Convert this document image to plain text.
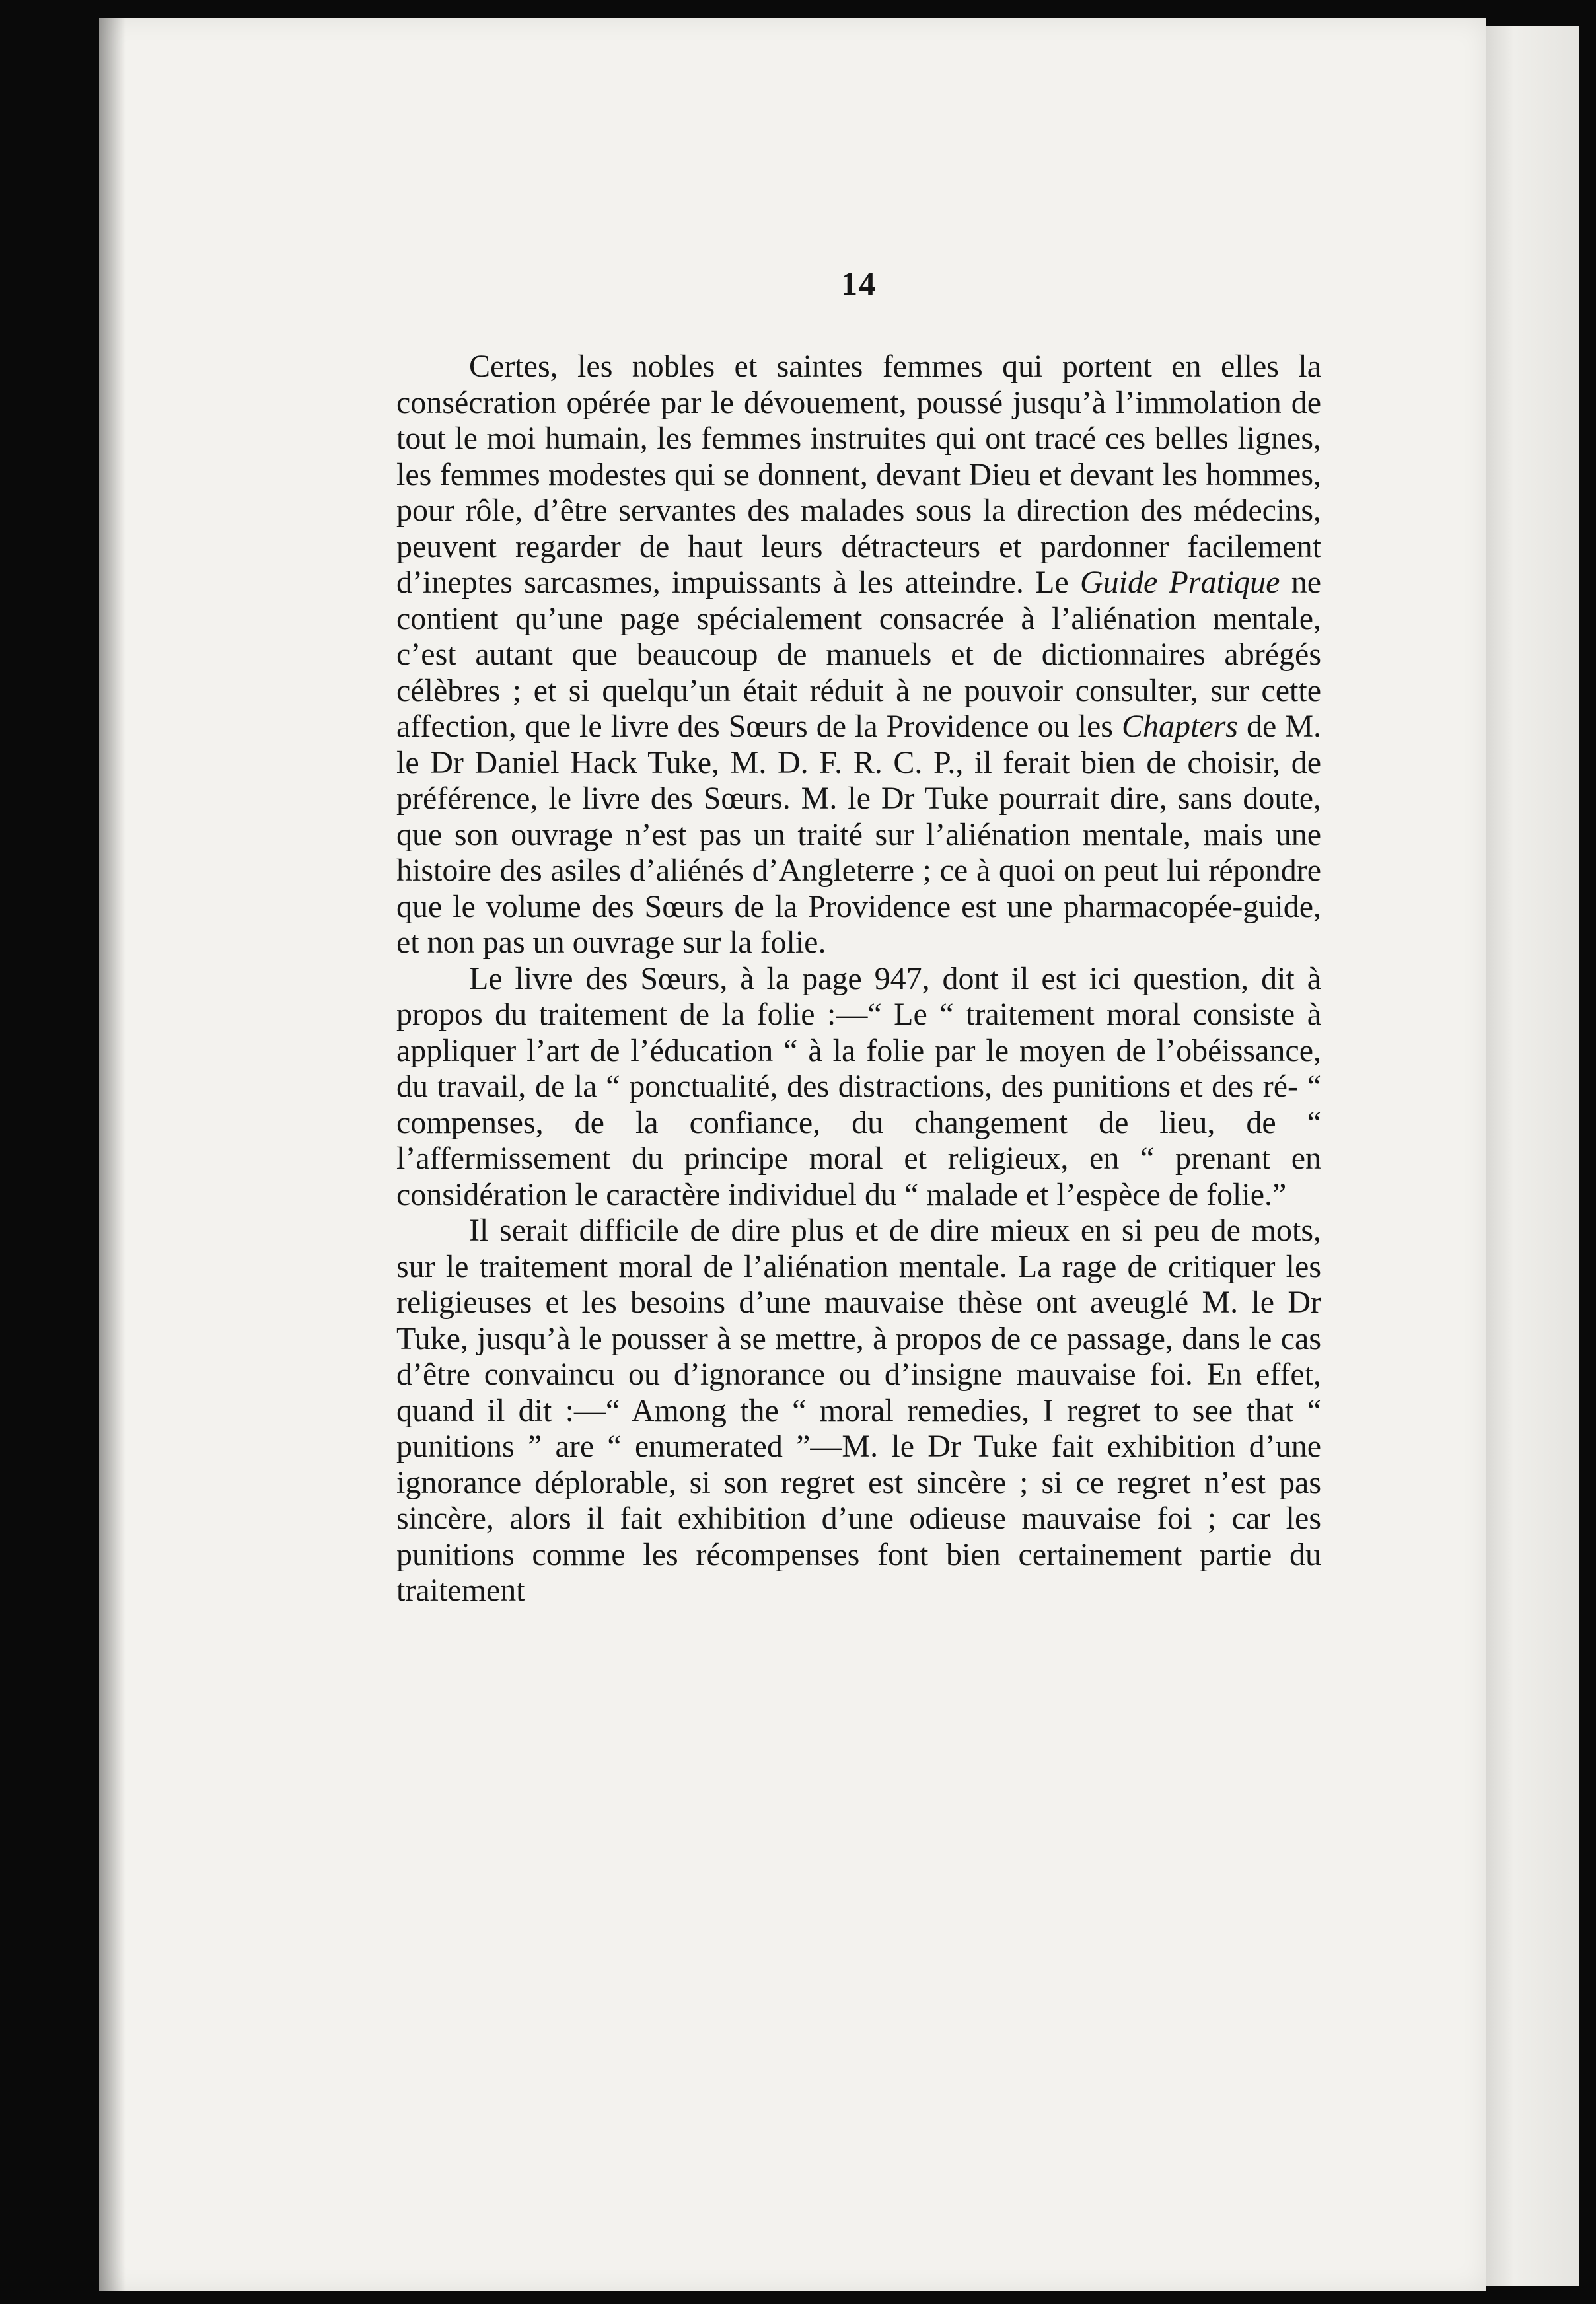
14

Certes, les nobles et saintes femmes qui portent en elles la consécration opérée par le dévouement, poussé jusqu’à l’immolation de tout le moi humain, les femmes instruites qui ont tracé ces belles lignes, les femmes modestes qui se donnent, devant Dieu et devant les hommes, pour rôle, d’être servantes des malades sous la direction des médecins, peuvent regarder de haut leurs détracteurs et pardonner facilement d’ineptes sarcasmes, impuissants à les atteindre. Le Guide Pratique ne contient qu’une page spécialement consacrée à l’aliénation mentale, c’est autant que beaucoup de manuels et de dictionnaires abrégés célèbres ; et si quelqu’un était réduit à ne pouvoir consulter, sur cette affection, que le livre des Sœurs de la Providence ou les Chapters de M. le Dr Daniel Hack Tuke, M. D. F. R. C. P., il ferait bien de choisir, de préférence, le livre des Sœurs. M. le Dr Tuke pourrait dire, sans doute, que son ouvrage n’est pas un traité sur l’aliénation mentale, mais une histoire des asiles d’aliénés d’Angleterre ; ce à quoi on peut lui répondre que le volume des Sœurs de la Providence est une pharmacopée-guide, et non pas un ouvrage sur la folie.

Le livre des Sœurs, à la page 947, dont il est ici question, dit à propos du traitement de la folie :—“ Le “ traitement moral consiste à appliquer l’art de l’éducation “ à la folie par le moyen de l’obéissance, du travail, de la “ ponctualité, des distractions, des punitions et des ré- “ compenses, de la confiance, du changement de lieu, de “ l’affermissement du principe moral et religieux, en “ prenant en considération le caractère individuel du “ malade et l’espèce de folie.”

Il serait difficile de dire plus et de dire mieux en si peu de mots, sur le traitement moral de l’aliénation mentale. La rage de critiquer les religieuses et les besoins d’une mauvaise thèse ont aveuglé M. le Dr Tuke, jusqu’à le pousser à se mettre, à propos de ce passage, dans le cas d’être convaincu ou d’ignorance ou d’insigne mauvaise foi. En effet, quand il dit :—“ Among the “ moral remedies, I regret to see that “ punitions ” are “ enumerated ”—M. le Dr Tuke fait exhibition d’une ignorance déplorable, si son regret est sincère ; si ce regret n’est pas sincère, alors il fait exhibition d’une odieuse mauvaise foi ; car les punitions comme les récompenses font bien certainement partie du traitement
